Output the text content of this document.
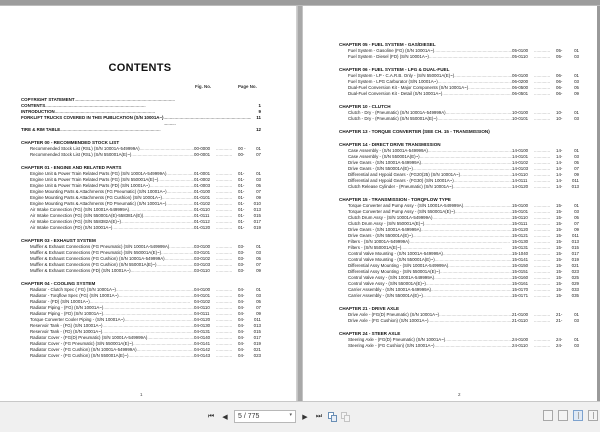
CONTENTS
Fig. No.	Page No.
COPYRIGHT STATEMENT
. . .
CONTENTS . . .	1
INTRODUCTION . . .	9
FORKLIFT TRUCKS COVERED IN THIS PUBLICATION (S/N 10001A~) . . .	11
TIRE & RIM TABLE . . .	12
CHAPTER 00 - RECOMMENDED STOCK LIST
Recommended Stock List (RSL) (S/N 10001A-549999A) . . .	00-0000 . . .	00 -	01
Recommended Stock List (RSL) (S/N 550001A(E)~) . . .	00-0001 . . .	00-	07
CHAPTER 01 - ENGINE AND RELATED PARTS
Engine Unit & Power Train Related Parts (FG) (S/N 10001A-549999A) . . .	01-0001 . . .	01-	01
Engine Unit & Power Train Related Parts (FG) (S/N 550001A(E)~) . . .	01-0002 . . .	01-	03
Engine Unit & Power Train Related Parts (FD) (S/N 10001A~) . . .	01-0003 . . .	01-	05
Engine Mounting Parts & Attachments (FG Pneumatic) (S/N 10001A~) . . .	01-0100 . . .	01-	07
Engine Mounting Parts & Attachments (FG Cushion) (S/N 10001A~) . . .	01-0101 . . .	01-	09
Engine Mounting Parts & Attachments (FD Pneumatic) (S/N 10001A~) . . .	01-0102 . . .	01-	010
Air Intake Connection (FG) (S/N 10001A-549999A) . . .	01-0110 . . .	01-	013
Air Intake Connection (FG) (S/N 550001A(E)-558381A(E)) . . .	01-0111 . . .	01-	015
Air Intake Connection (FG) (S/N 558382A(E)~) . . .	01-0112 . . .	01-	017
Air Intake Connection (FD) (S/N 10001A~) . . .	01-0120 . . .	01-	019
CHAPTER 03 - EXHAUST SYSTEM
Muffler & Exhaust Connections (FG Pneumatic) (S/N 10001A-549999A) . . .	03-0100 . . .	03-	01
Muffler & Exhaust Connections (FG Pneumatic) (S/N 550001A(E)~) . . .	03-0101 . . .	03-	03
Muffler & Exhaust Connections (FG Cushion) (S/N 10001A-549999A) . . .	03-0102 . . .	03-	05
Muffler & Exhaust Connections (FG Cushion) (S/N 550001A(E)~) . . .	03-0103 . . .	03-	07
Muffler & Exhaust Connections (FD) (S/N 10001A~) . . .	03-0110 . . .	03-	09
CHAPTER 04 - COOLING SYSTEM
Radiator - Clutch Spec ( FG) (S/N 10001A~) . . .	04-0100 . . .	04-	01
Radiator - Torqflow Spec (FG) (S/N 10001A~) . . .	04-0101 . . .	04-	03
Radiator - (FD) (S/N 10001A~) . . .	04-0102 . . .	04-	05
Radiator Piping - (FG) (S/N 10001A~) . . .	04-0110 . . .	04-	07
Radiator Piping - (FD) (S/N 10001A~) . . .	04-0111 . . .	04-	09
Torque Converter Cooler Piping - (S/N 10001A~) . . .	04-0120 . . .	04-	011
Reservoir Tank - (FG) (S/N 10001A~) . . .	04-0130 . . .	04-	013
Reservoir Tank - (FD) (S/N 10001A~) . . .	04-0131 . . .	04-	015
Radiator Cover - (FG(D) Pneumatic) (S/N 10001A-549999A) . . .	04-0140 . . .	04-	017
Radiator Cover - (FG Pneumatic) (S/N 550001A(E)~) . . .	04-0141 . . .	04-	019
Radiator Cover - (FG Cushion) (S/N 10001A-549999A) . . .	04-0142 . . .	04-	021
Radiator Cover - (FG Cushion) (S/N 550001A(E)~) . . .	04-0143 . . .	04-	023
1
CHAPTER 05 - FUEL SYSTEM - GAS/DIESEL
Fuel System - Gasoline (FG) (S/N 10001A~) . . .	05-0100 . . .	05-	01
Fuel System - Diesel (FD) (S/N 10001A~) . . .	05-0110 . . .	05-	03
CHAPTER 06 - FUEL SYSTEM - LPG & DUAL-FUEL
Fuel System - LP - C.A.R.B. Only - (S/N 550001A(E)~) . . .	06-0100 . . .	06-	01
Fuel System - LPG Carburator (S/N 10001A~) . . .	06-0200 . . .	06-	03
Dual-Fuel Conversion Kit - Major Components (S/N 10001A~) . . .	06-0500 . . .	06-	05
Dual-Fuel Conversion Kit - Detail (S/N 10001A~) . . .	06-0501 . . .	06-	09
CHAPTER 10 - CLUTCH
Clutch - Dry - (Pneumatic) (S/N 10001A-549999A) . . .	10-0100 . . .	10-	01
Clutch - Dry - (Pneumatic) (S/N 550001A(E)~) . . .	10-0101 . . .	10-	03
CHAPTER 13 - TORQUE CONVERTER (SEE CH. 15 - TRANSMISSION)
CHAPTER 14 - DIRECT DRIVE TRANSMISSION
Case Assembly - (S/N 10001A-549999A) . . .	14-0100 . . .	14-	01
Case Assembly - (S/N 550001A(E)~) . . .	14-0101 . . .	14-	03
Drive Gears - (S/N 10001A-549999A) . . .	14-0102 . . .	14-	05
Drive Gears - (S/N 550001A(E)~) . . .	14-0103 . . .	14-	07
Differential and Hypoid Gears - (FG20(25) (S/N 10001A~) . . .	14-0110 . . .	14-	09
Differential and Hypoid Gears - (FG30) (S/N 10001A~) . . .	14-0111 . . .	14-	011
Clutch Release Cylinder - (Pneumatic) (S/N 10001A~) . . .	14-0120 . . .	14-	013
CHAPTER 15 - TRANSMISSION - TORQFLOW TYPE
Torque Converter and Pump Assy - (S/N 10001A-549999A) . . .	15-0100 . . .	15-	01
Torque Converter and Pump Assy - (S/N 550001A(E)~) . . .	15-0101 . . .	15-	03
Clutch Drum Assy - (S/N 10001A-549999A) . . .	15-0110 . . .	15-	05
Clutch Drum Assy - (S/N 550001A(E)~) . . .	15-0111 . . .	15-	07
Drive Gears - (S/N 10001A-549999A) . . .	15-0120 . . .	15-	09
Drive Gears - (S/N 550001A(E)~) . . .	15-0121 . . .	15-	011
Filters - (S/N 10001A-549999A) . . .	15-0130 . . .	15-	013
Filters - (S/N 550001A(E)~) . . .	15-0131 . . .	15-	015
Control Valve Mounting - (S/N 10001A-549999A) . . .	15-1040 . . .	15-	017
Control Valve Mounting - (S/N 550001A(E)~) . . .	15-0141 . . .	15-	019
Differential Assy Mounting - (S/N 10001A-549999A) . . .	15-0150 . . .	15-	021
Differential Assy Mounting - (S/N 550001A(E)~) . . .	15-0151 . . .	15-	023
Control Valve Assy - (S/N 10001A-549999A) . . .	15-0160 . . .	15-	025
Control Valve Assy - (S/N 550001A(E)~) . . .	15-0161 . . .	15-	029
Carrier Assembly - (S/N 10001A-549999A) . . .	15-0170 . . .	15-	033
Carrier Assembly - (S/N 550001A(E)~) . . .	15-0171 . . .	15-	035
CHAPTER 21 - DRIVE AXLE
Drive Axle - (FG(D) Pneumatic) (S/N 10001A~) . . .	21-0100 . . .	21-	01
Drive Axle - (FG Cushion) (S/N 10001A~) . . .	21-0110 . . .	21-	03
CHAPTER 24 - STEER AXLE
Steering Axle - (FG(D) Pneumatic) (S/N 10001A~) . . .	24-0100 . . .	24-	01
Steering Axle - (FG Cushion) (S/N 10001A~) . . .	24-0110 . . .	24-	03
2
⏮ ◀ 5 / 775	▾ ▶ ⏭
